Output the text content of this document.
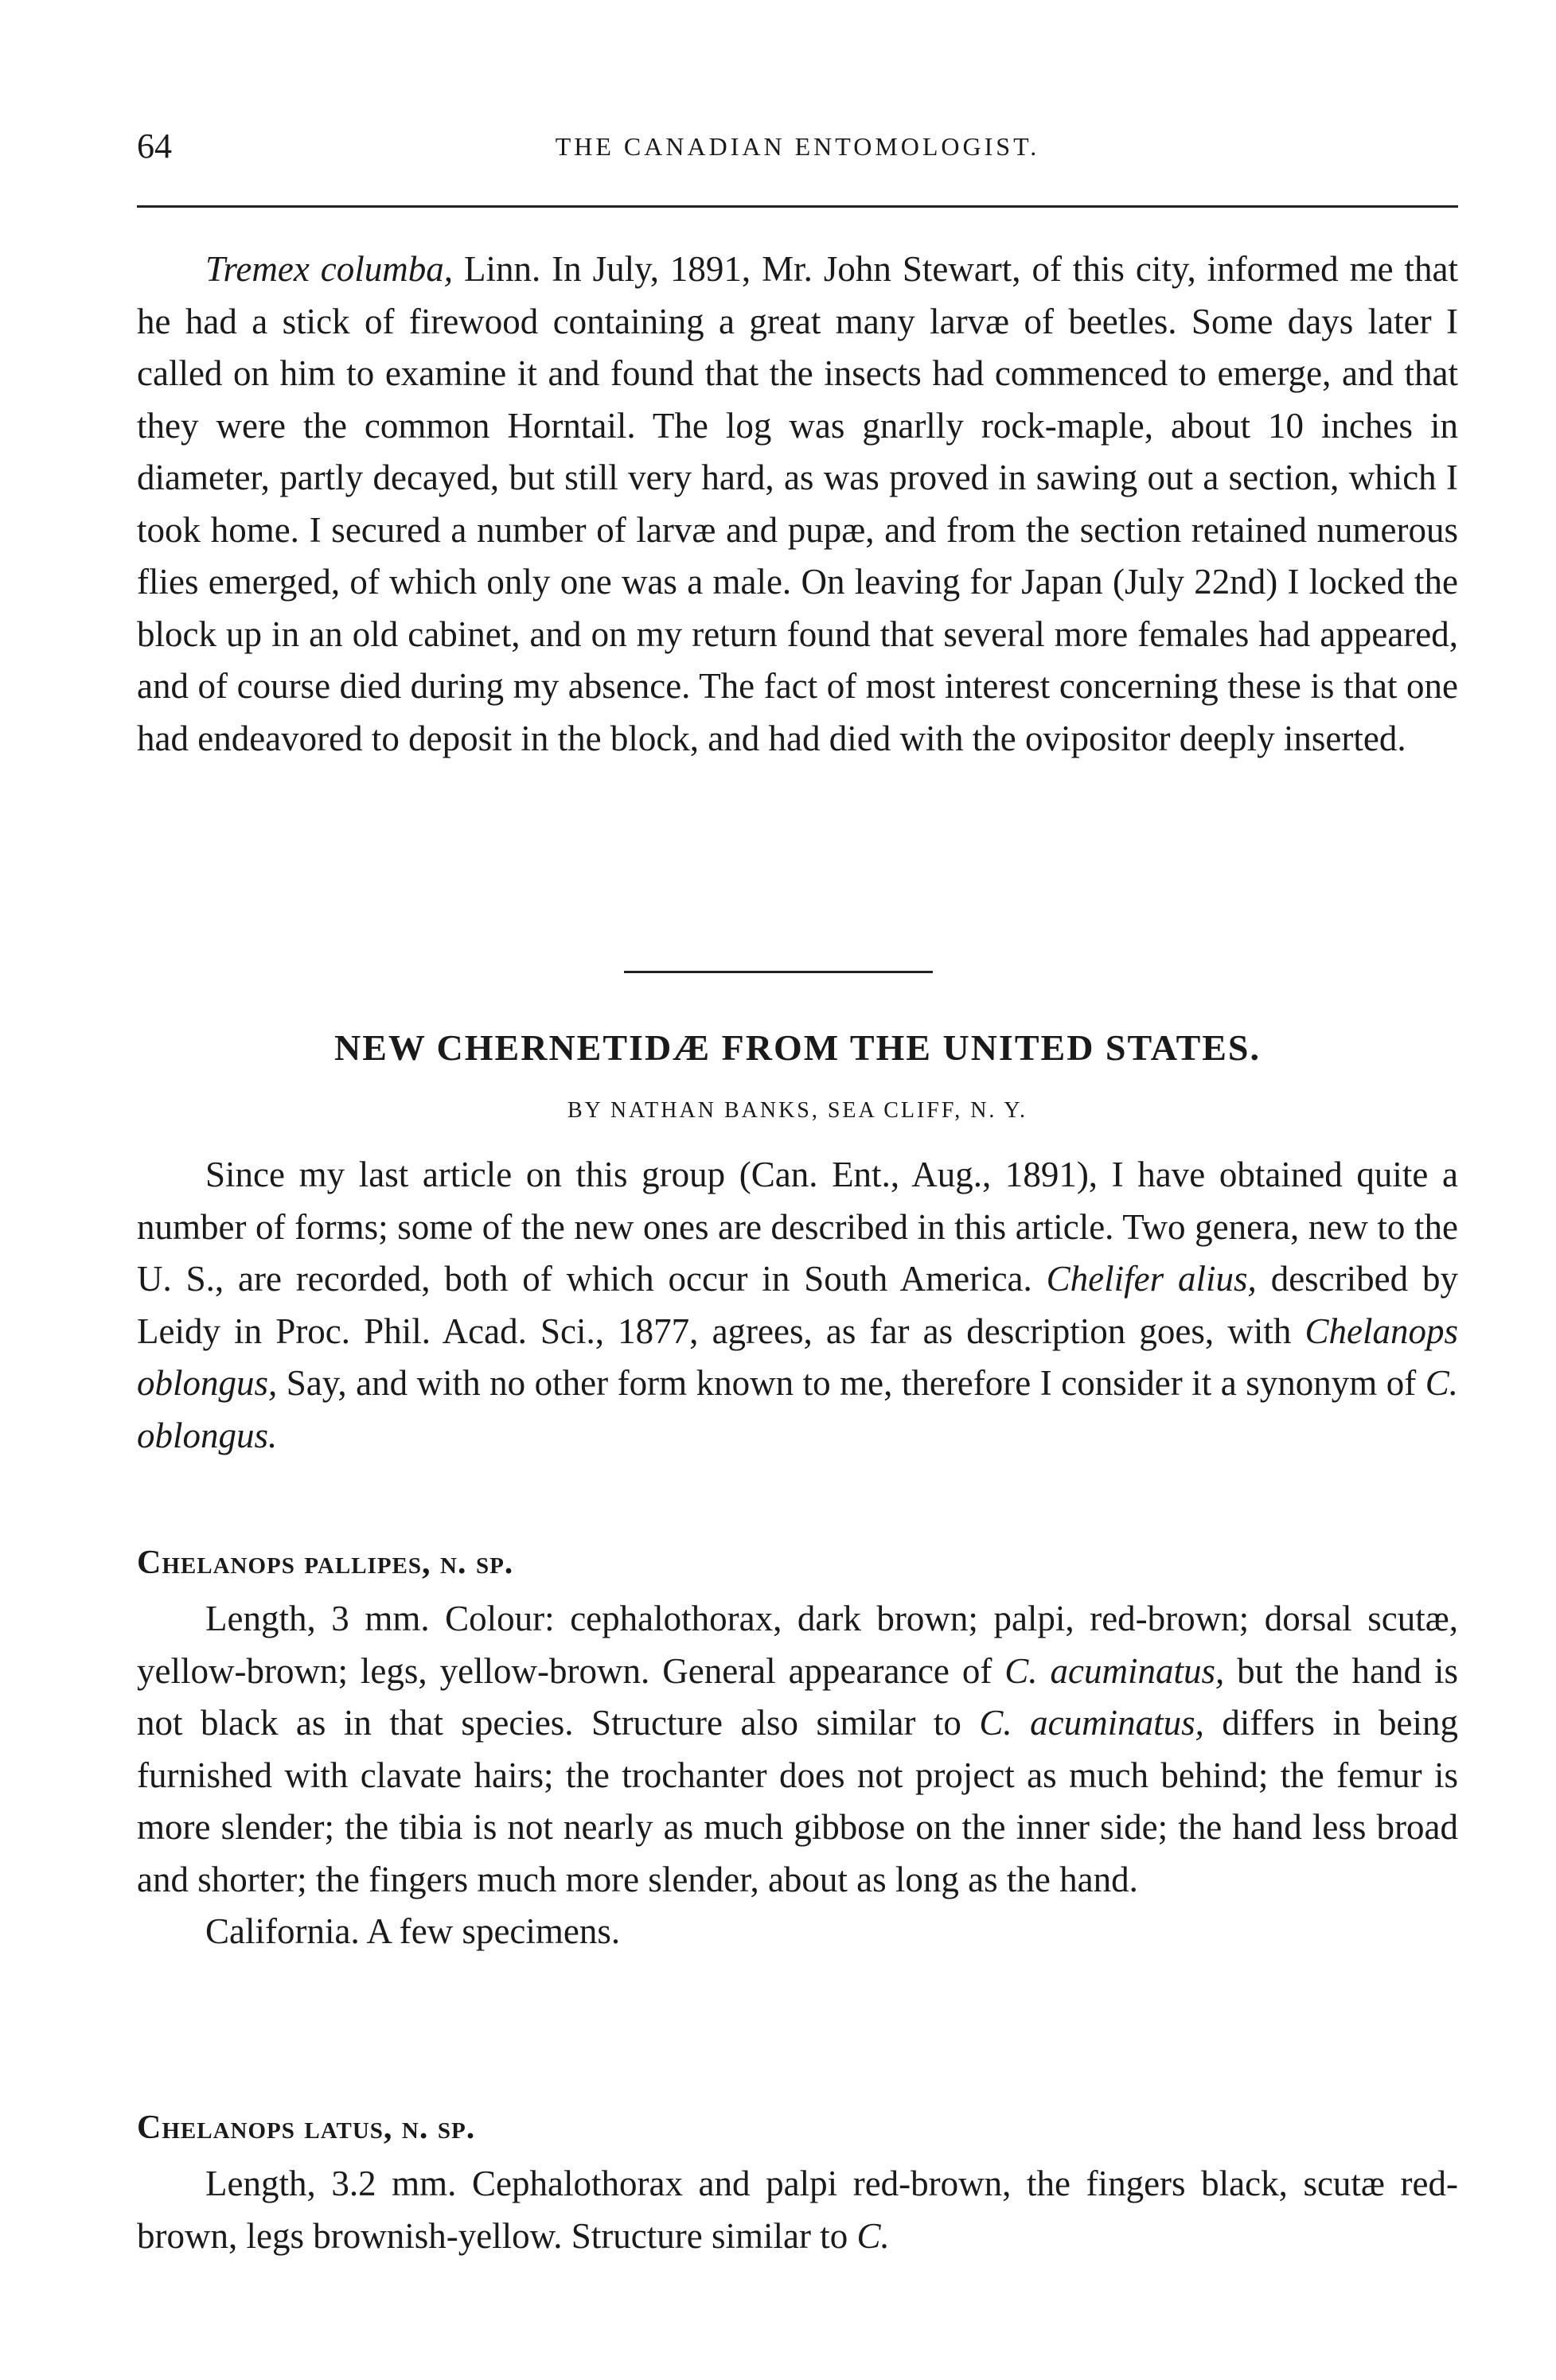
64	THE CANADIAN ENTOMOLOGIST.

Tremex columba, Linn. In July, 1891, Mr. John Stewart, of this city, informed me that he had a stick of firewood containing a great many larvæ of beetles. Some days later I called on him to examine it and found that the insects had commenced to emerge, and that they were the common Horntail. The log was gnarlly rock-maple, about 10 inches in diameter, partly decayed, but still very hard, as was proved in sawing out a section, which I took home. I secured a number of larvæ and pupæ, and from the section retained numerous flies emerged, of which only one was a male. On leaving for Japan (July 22nd) I locked the block up in an old cabinet, and on my return found that several more females had appeared, and of course died during my absence. The fact of most interest concerning these is that one had endeavored to deposit in the block, and had died with the ovipositor deeply inserted.

NEW CHERNETIDÆ FROM THE UNITED STATES.

BY NATHAN BANKS, SEA CLIFF, N. Y.

Since my last article on this group (Can. Ent., Aug., 1891), I have obtained quite a number of forms; some of the new ones are described in this article. Two genera, new to the U. S., are recorded, both of which occur in South America. Chelifer alius, described by Leidy in Proc. Phil. Acad. Sci., 1877, agrees, as far as description goes, with Chelanops oblongus, Say, and with no other form known to me, therefore I consider it a synonym of C. oblongus.

Chelanops pallipes, n. sp.

Length, 3 mm. Colour: cephalothorax, dark brown; palpi, red-brown; dorsal scutæ, yellow-brown; legs, yellow-brown. General appearance of C. acuminatus, but the hand is not black as in that species. Structure also similar to C. acuminatus, differs in being furnished with clavate hairs; the trochanter does not project as much behind; the femur is more slender; the tibia is not nearly as much gibbose on the inner side; the hand less broad and shorter; the fingers much more slender, about as long as the hand.

California. A few specimens.

Chelanops latus, n. sp.

Length, 3.2 mm. Cephalothorax and palpi red-brown, the fingers black, scutæ red-brown, legs brownish-yellow. Structure similar to C.
